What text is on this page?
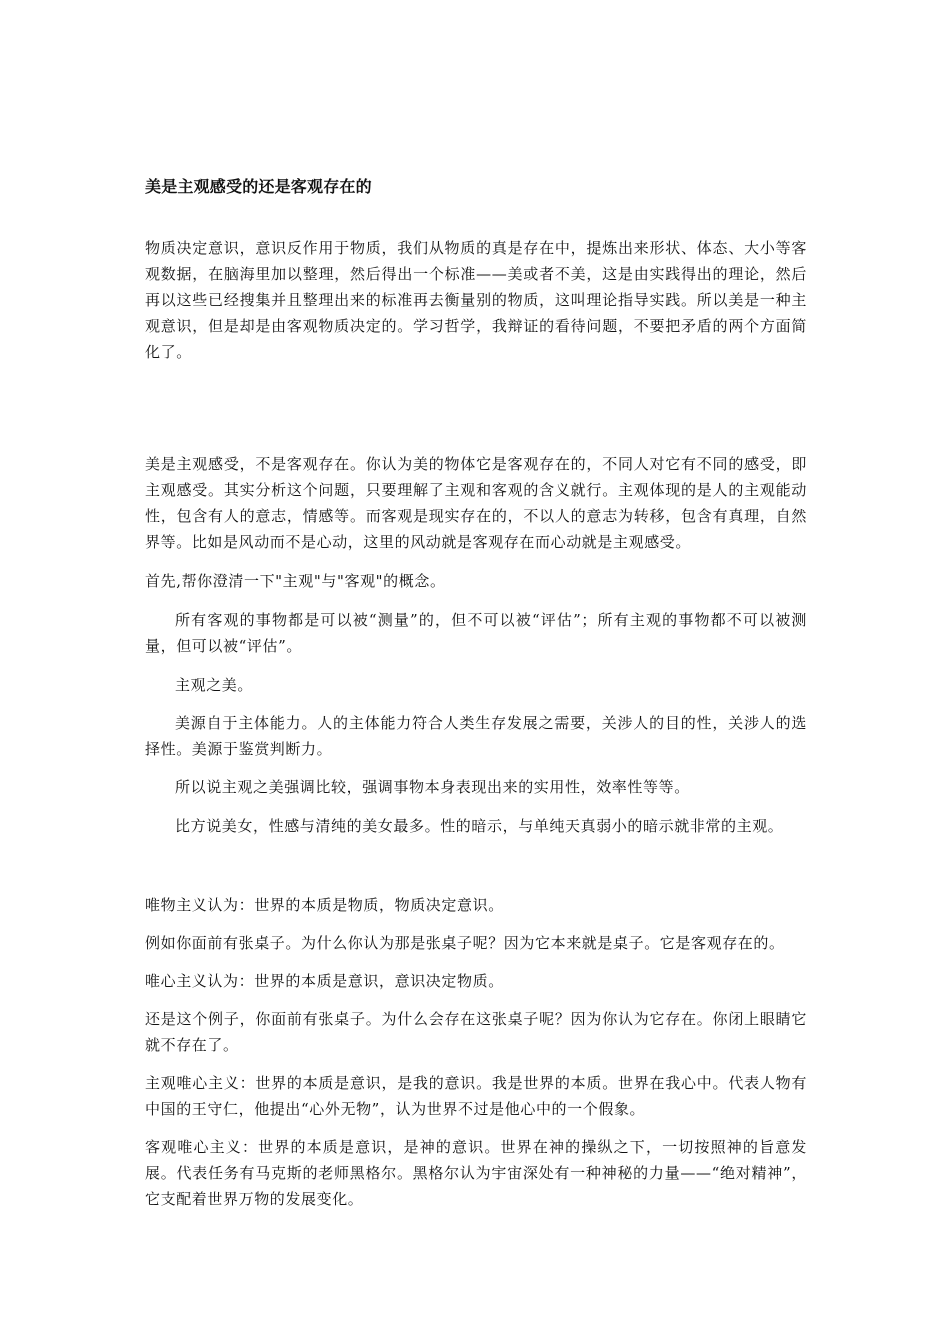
美是主观感受的还是客观存在的

物质决定意识，意识反作用于物质，我们从物质的真是存在中，提炼出来形状、体态、大小等客观数据，在脑海里加以整理，然后得出一个标准——美或者不美，这是由实践得出的理论，然后再以这些已经搜集并且整理出来的标准再去衡量别的物质，这叫理论指导实践。所以美是一种主观意识，但是却是由客观物质决定的。学习哲学，我辩证的看待问题，不要把矛盾的两个方面简化了。

美是主观感受，不是客观存在。你认为美的物体它是客观存在的，不同人对它有不同的感受，即主观感受。其实分析这个问题，只要理解了主观和客观的含义就行。主观体现的是人的主观能动性，包含有人的意志，情感等。而客观是现实存在的，不以人的意志为转移，包含有真理，自然界等。比如是风动而不是心动，这里的风动就是客观存在而心动就是主观感受。

首先,帮你澄清一下"主观"与"客观"的概念。

所有客观的事物都是可以被“测量”的，但不可以被“评估”；所有主观的事物都不可以被测量，但可以被“评估”。

主观之美。

美源自于主体能力。人的主体能力符合人类生存发展之需要，关涉人的目的性，关涉人的选择性。美源于鉴赏判断力。

所以说主观之美强调比较，强调事物本身表现出来的实用性，效率性等等。

比方说美女，性感与清纯的美女最多。性的暗示，与单纯天真弱小的暗示就非常的主观。

唯物主义认为：世界的本质是物质，物质决定意识。

例如你面前有张桌子。为什么你认为那是张桌子呢？因为它本来就是桌子。它是客观存在的。

唯心主义认为：世界的本质是意识，意识决定物质。

还是这个例子，你面前有张桌子。为什么会存在这张桌子呢？因为你认为它存在。你闭上眼睛它就不存在了。

主观唯心主义：世界的本质是意识，是我的意识。我是世界的本质。世界在我心中。代表人物有中国的王守仁，他提出“心外无物”，认为世界不过是他心中的一个假象。

客观唯心主义：世界的本质是意识，是神的意识。世界在神的操纵之下，一切按照神的旨意发展。代表任务有马克斯的老师黑格尔。黑格尔认为宇宙深处有一种神秘的力量——“绝对精神”，它支配着世界万物的发展变化。
